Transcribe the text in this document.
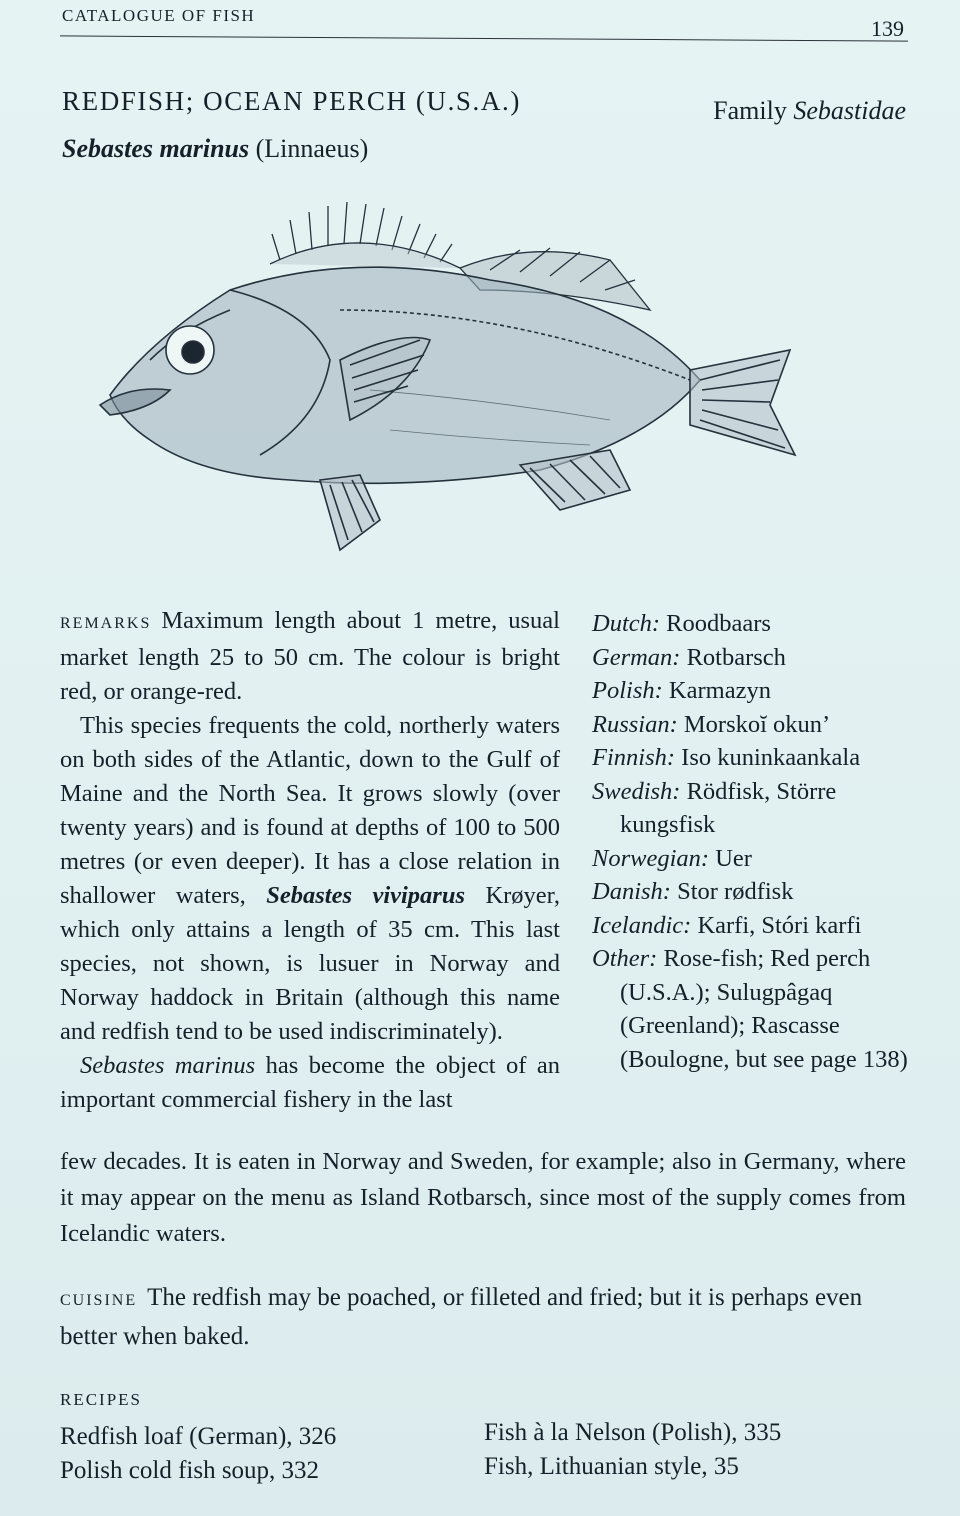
CATALOGUE OF FISH
139
REDFISH; OCEAN PERCH (U.S.A.)	Family Sebastidae
Sebastes marinus (Linnaeus)

REMARKS Maximum length about 1 metre, usual market length 25 to 50 cm. The colour is bright red, or orange-red.

This species frequents the cold, northerly waters on both sides of the Atlantic, down to the Gulf of Maine and the North Sea. It grows slowly (over twenty years) and is found at depths of 100 to 500 metres (or even deeper). It has a close relation in shallower waters, Sebastes viviparus Krøyer, which only attains a length of 35 cm. This last species, not shown, is lusuer in Norway and Norway haddock in Britain (although this name and redfish tend to be used indiscriminately).

Sebastes marinus has become the object of an important commercial fishery in the last

few decades. It is eaten in Norway and Sweden, for example; also in Germany, where it may appear on the menu as Island Rotbarsch, since most of the supply comes from Icelandic waters.
Dutch: Roodbaars
German: Rotbarsch
Polish: Karmazyn
Russian: Morskoĭ okun’
Finnish: Iso kuninkaankala
Swedish: Rödfisk, Större kungsfisk
Norwegian: Uer
Danish: Stor rødfisk
Icelandic: Karfi, Stóri karfi
Other: Rose-fish; Red perch (U.S.A.); Sulugpâgaq (Greenland); Rascasse (Boulogne, but see page 138)
CUISINE The redfish may be poached, or filleted and fried; but it is perhaps even better when baked.
RECIPES
Redfish loaf (German), 326
Polish cold fish soup, 332
Fish à la Nelson (Polish), 335
Fish, Lithuanian style, 35
